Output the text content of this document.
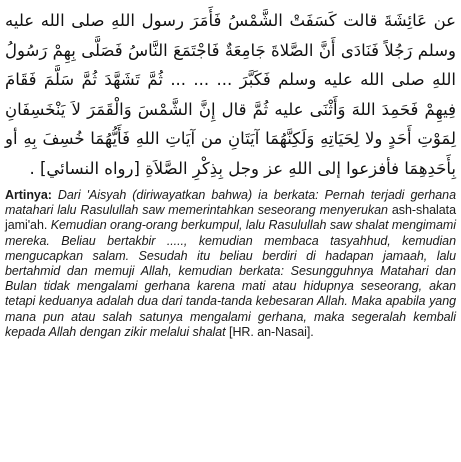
عن عَائِشَةَ قالت كَسَفَتْ الشَّمْسُ فَأَمَرَ رسول اللهِ صلى الله عليه وسلم رَجُلاً فَنَادَى أَنَّ الصَّلاةَ جَامِعَةٌ فَاجْتَمَعَ النَّاسُ فَصَلَّى بِهِمْ رَسُولُ اللهِ صلى الله عليه وسلم فَكَبَّرَ ... ... ... ثُمَّ تَشَهَّدَ ثُمَّ سَلَّمَ فَقَامَ فِيهِمْ فَحَمِدَ اللهَ وَأَثْنَى عليه ثُمَّ قال إِنَّ الشَّمْسَ وَالْقَمَرَ لاَ يَنْخَسِفَانِ لِمَوْتِ أَحَدٍ ولا لِحَيَاتِهِ وَلَكِنَّهُمَا آيَتَانِ من آيَاتِ اللهِ فَأَيُّهُمَا خُسِفَ بِهِ أو بِأَحَدِهِمَا فأفزعوا إلى اللهِ عز وجل بِذِكْرِ الصَّلاَةِ [رواه النسائي] .

Artinya: Dari 'Aisyah (diriwayatkan bahwa) ia berkata: Pernah terjadi gerhana matahari lalu Rasulullah saw memerintahkan seseorang menyerukan ash-shalata jami'ah. Kemudian orang-orang berkumpul, lalu Rasulullah saw shalat mengimami mereka. Beliau bertakbir ....., kemudian membaca tasyahhud, kemudian mengucapkan salam. Sesudah itu beliau berdiri di hadapan jamaah, lalu bertahmid dan memuji Allah, kemudian berkata: Sesungguhnya Matahari dan Bulan tidak mengalami gerhana karena mati atau hidupnya seseorang, akan tetapi keduanya adalah dua dari tanda-tanda kebesaran Allah. Maka apabila yang mana pun atau salah satunya mengalami gerhana, maka segeralah kembali kepada Allah dengan zikir melalui shalat [HR. an-Nasai].
